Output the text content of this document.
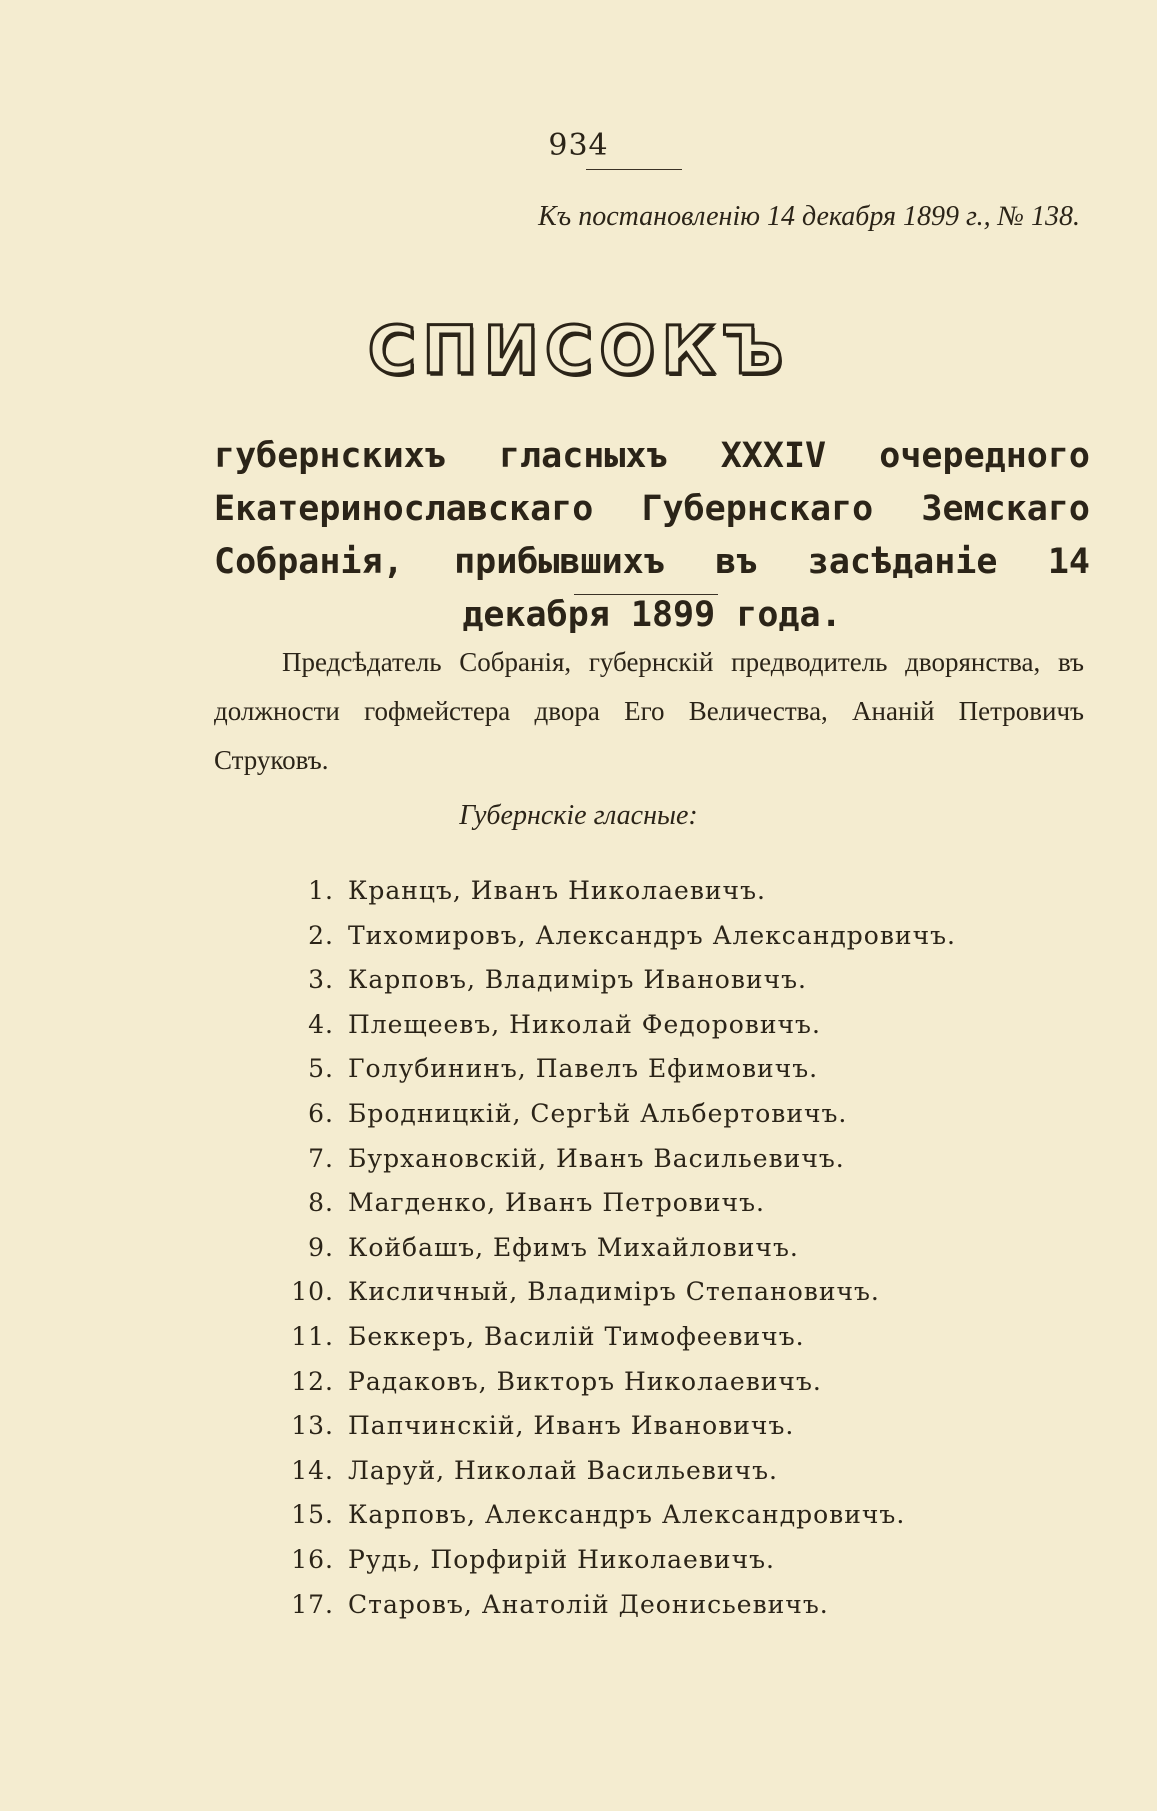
934
Къ постановленію 14 декабря 1899 г., № 138.
СПИСОКЪ
губернскихъ гласныхъ XXXIV очередного Екатеринославскаго Губернскаго Земскаго Собранія, прибывшихъ въ засѣданіе 14 декабря 1899 года.
Предсѣдатель Собранія, губернскій предводитель дворянства, въ должности гофмейстера двора Его Величества, Ананій Петровичъ Струковъ.
Губернскіе гласные:
1. Кранцъ, Иванъ Николаевичъ.
2. Тихомировъ, Александръ Александровичъ.
3. Карповъ, Владиміръ Ивановичъ.
4. Плещеевъ, Николай Федоровичъ.
5. Голубининъ, Павелъ Ефимовичъ.
6. Бродницкій, Сергѣй Альбертовичъ.
7. Бурхановскій, Иванъ Васильевичъ.
8. Магденко, Иванъ Петровичъ.
9. Койбашъ, Ефимъ Михайловичъ.
10. Кисличный, Владиміръ Степановичъ.
11. Беккеръ, Василій Тимофеевичъ.
12. Радаковъ, Викторъ Николаевичъ.
13. Папчинскій, Иванъ Ивановичъ.
14. Ларуй, Николай Васильевичъ.
15. Карповъ, Александръ Александровичъ.
16. Рудь, Порфирій Николаевичъ.
17. Старовъ, Анатолій Деонисьевичъ.
